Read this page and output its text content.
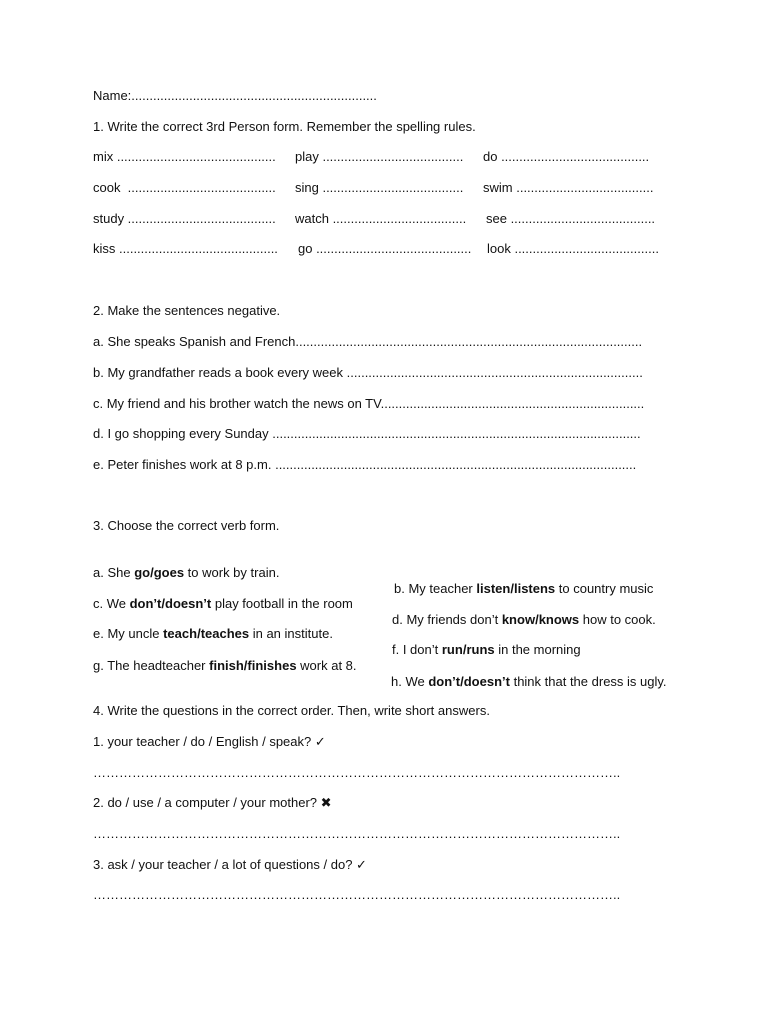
Name:....................................................................
1. Write the correct 3rd Person form. Remember the spelling rules.
mix ............................................	play .......................................	do .........................................
cook  .........................................	sing .......................................	swim ......................................
study .........................................	watch .....................................	see ........................................
kiss ............................................	go ........................................... look ........................................
2. Make the sentences negative.
a. She speaks Spanish and French................................................................................................
b. My grandfather reads a book every week ..................................................................................
c. My friend and his brother watch the news on TV.........................................................................
d. I go shopping every Sunday ......................................................................................................
e. Peter finishes work at 8 p.m. ....................................................................................................
3. Choose the correct verb form.

a. She go/goes to work by train.

b. My teacher listen/listens to country music

c. We don’t/doesn’t play football in the room

d. My friends don’t know/knows how to cook.

e. My uncle teach/teaches in an institute.

f. I don’t run/runs in the morning

g. The headteacher finish/finishes work at 8.

h. We don’t/doesn’t think that the dress is ugly.

4. Write the questions in the correct order. Then, write short answers.
1. your teacher / do / English / speak? ✓
…………………………………………………………………………………………………………..
2. do / use / a computer / your mother? ✖
…………………………………………………………………………………………………………..
3. ask / your teacher / a lot of questions / do? ✓
…………………………………………………………………………………………………………..
